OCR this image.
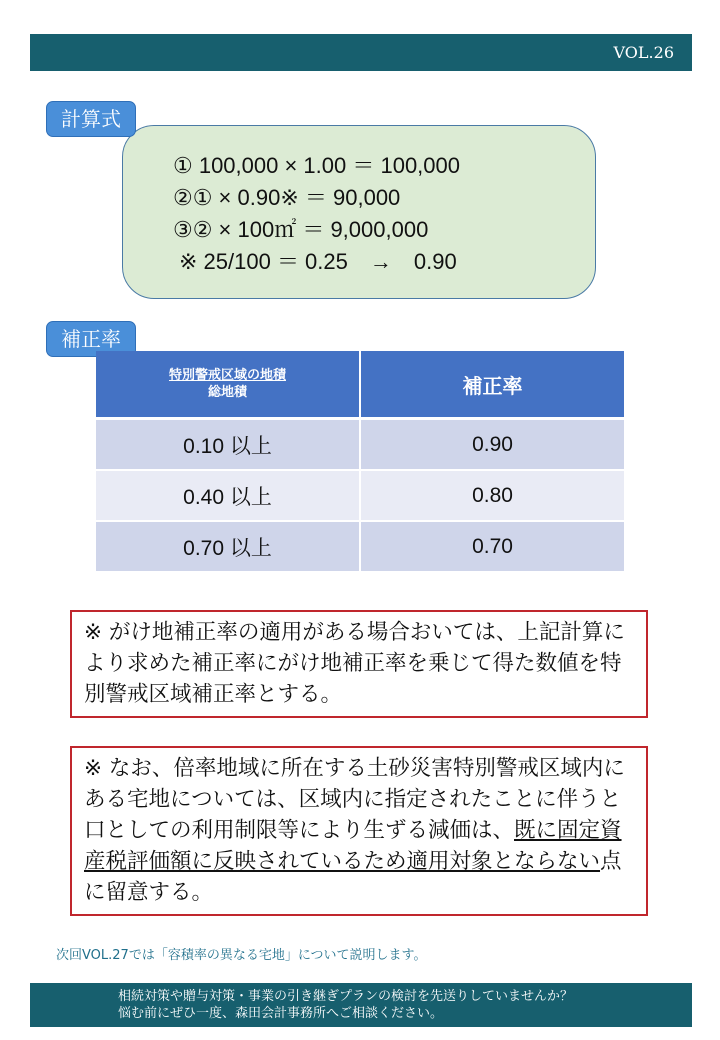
VOL.26
① 100,000 × 1.00 ＝ 100,000
②① × 0.90※ ＝ 90,000
③② × 100㎡ ＝ 9,000,000
※ 25/100 ＝ 0.25　→　0.90
計算式
補正率
特別警戒区域の地積
総地積	補正率
0.10 以上	0.90
0.40 以上	0.80
0.70 以上	0.70
※ がけ地補正率の適用がある場合おいては、上記計算により求めた補正率にがけ地補正率を乗じて得た数値を特別警戒区域補正率とする。
※ なお、倍率地域に所在する土砂災害特別警戒区域内にある宅地については、区域内に指定されたことに伴うと口としての利用制限等により生ずる減価は、既に固定資産税評価額に反映されているため適用対象とならない点に留意する。
次回VOL.27では「容積率の異なる宅地」について説明します。
相続対策や贈与対策・事業の引き継ぎプランの検討を先送りしていませんか？
悩む前にぜひ一度、森田会計事務所へご相談ください。
